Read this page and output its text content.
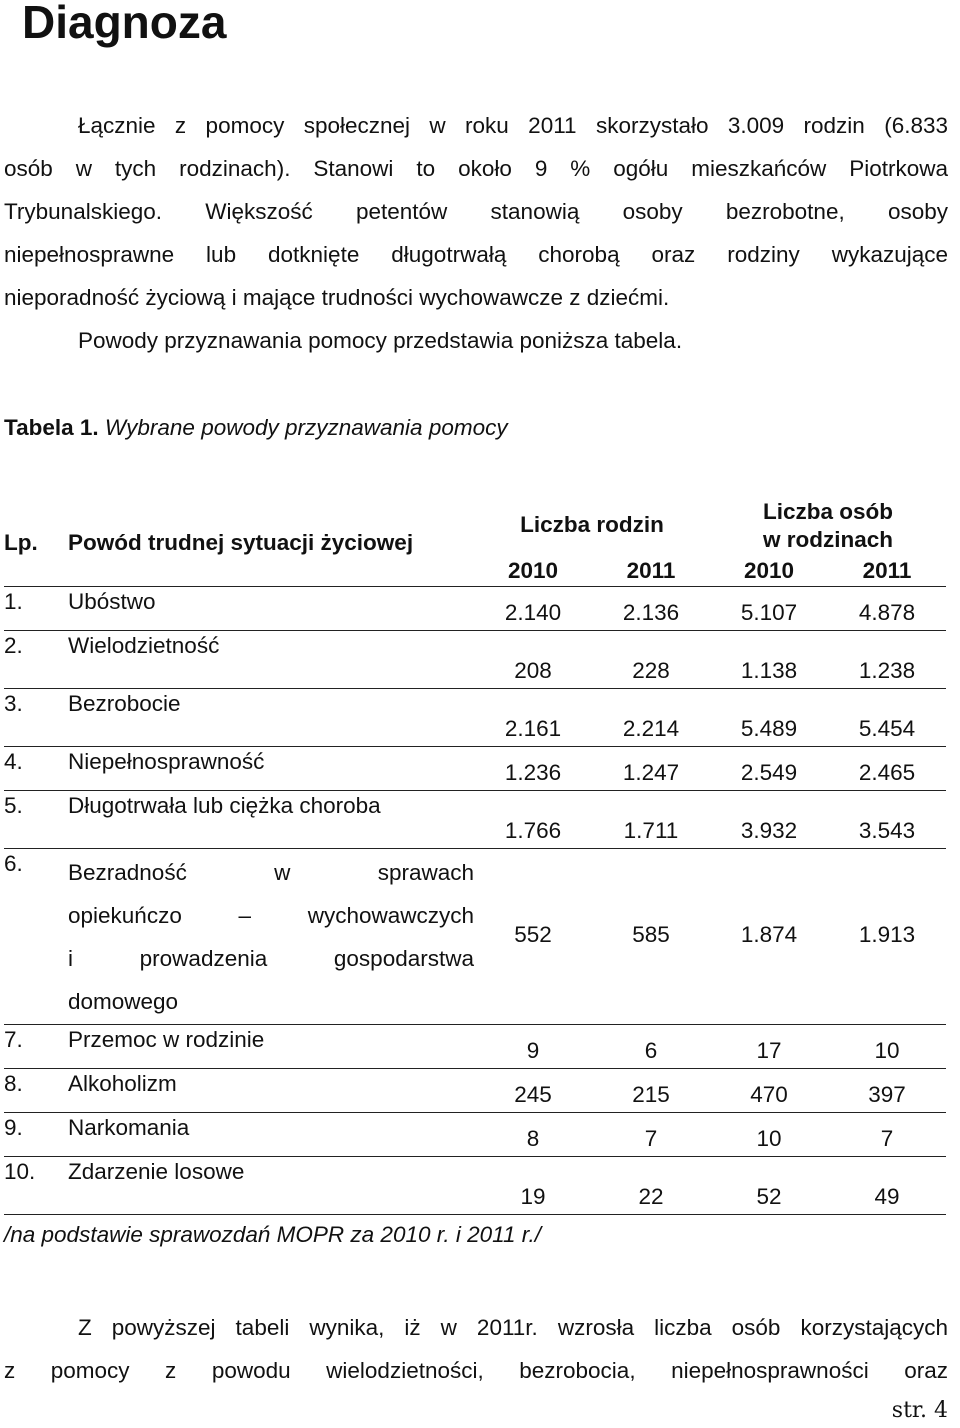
Diagnoza
Łącznie z pomocy społecznej w roku 2011 skorzystało 3.009 rodzin (6.833
osób w tych rodzinach). Stanowi to około 9 % ogółu mieszkańców Piotrkowa
Trybunalskiego. Większość petentów stanowią osoby bezrobotne, osoby
niepełnosprawne lub dotknięte długotrwałą chorobą oraz rodziny wykazujące
nieporadność życiową i mające trudności wychowawcze z dziećmi.
Powody przyznawania pomocy przedstawia poniższa tabela.
Tabela 1. Wybrane powody przyznawania pomocy
Lp.	Powód trudnej sytuacji życiowej	Liczba rodzin		Liczba osób
w rodzinach	

		2010	2011	2010	2011
1.	Ubóstwo	2.140	2.136	5.107	4.878
2.	Wielodzietność	208	228	1.138	1.238
3.	Bezrobocie	2.161	2.214	5.489	5.454
4.	Niepełnosprawność	1.236	1.247	2.549	2.465
5.	Długotrwała lub ciężka choroba	1.766	1.711	3.932	3.543
6.	Bezradność w sprawach
opiekuńczo – wychowawczych
i prowadzenia gospodarstwa
domowego	552	585	1.874	1.913
7.	Przemoc w rodzinie	9	6	17	10
8.	Alkoholizm	245	215	470	397
9.	Narkomania	8	7	10	7
10.	Zdarzenie losowe	19	22	52	49
/na podstawie sprawozdań MOPR za 2010 r. i 2011 r./
Z powyższej tabeli wynika, iż w 2011r. wzrosła liczba osób korzystających
z pomocy z powodu wielodzietności, bezrobocia, niepełnosprawności oraz
str. 4
